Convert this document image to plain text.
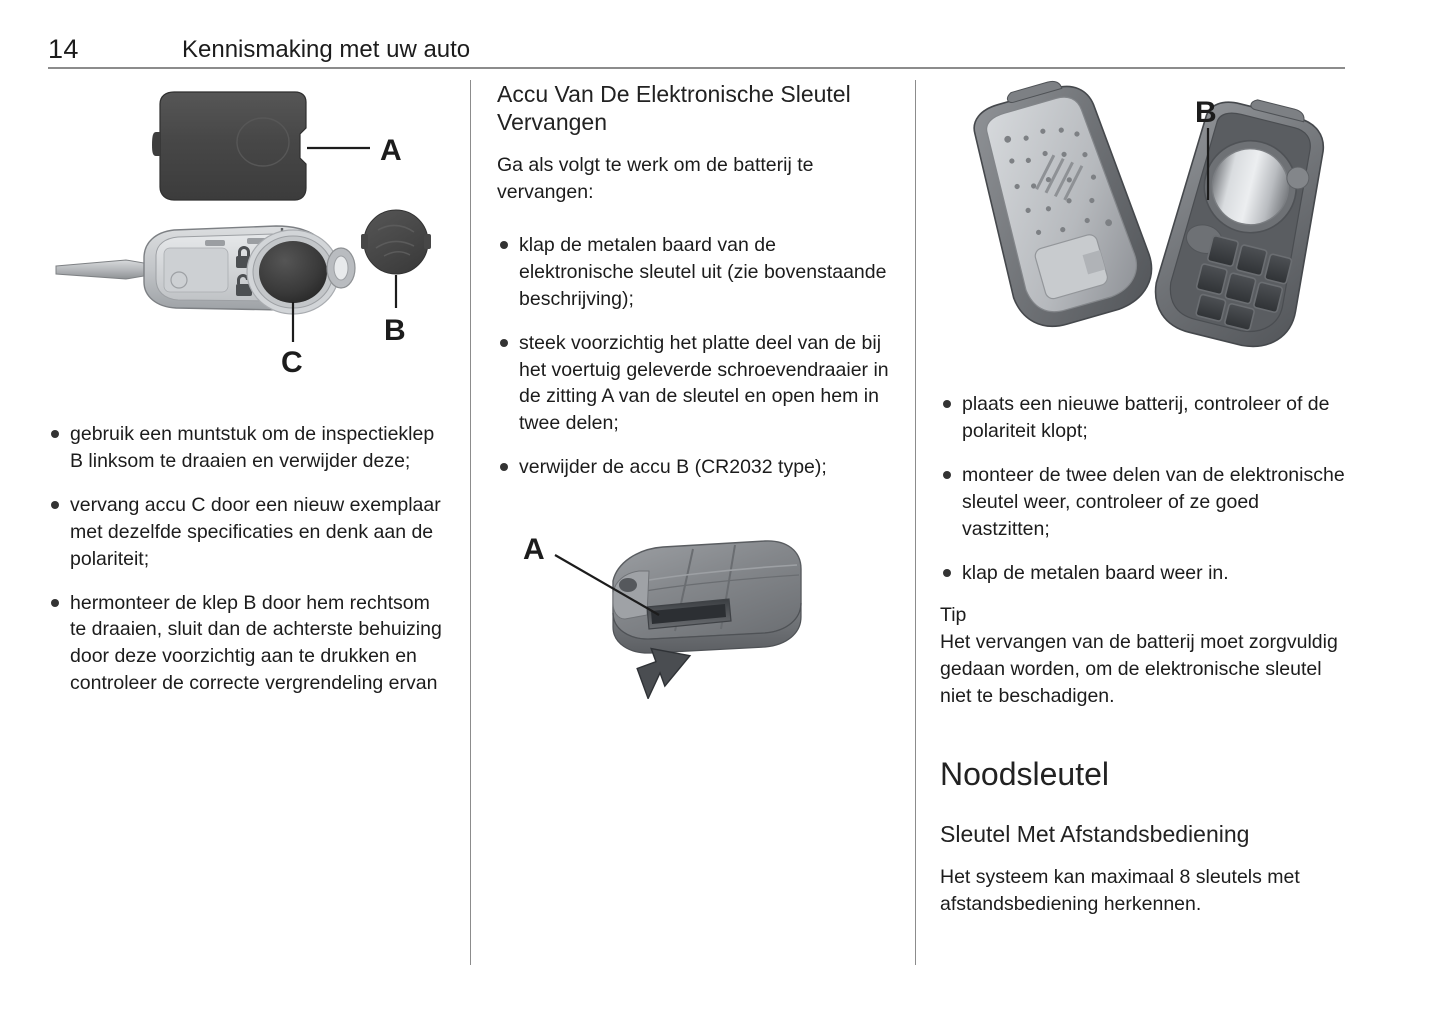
14	Kennismaking met uw auto
A
C
B
gebruik een muntstuk om de inspectieklep B linksom te draaien en verwijder deze;
vervang accu C door een nieuw exemplaar met dezelfde specificaties en denk aan de polariteit;
hermonteer de klep B door hem rechtsom te draaien, sluit dan de achterste behuizing door deze voorzichtig aan te drukken en controleer de correcte vergrendeling ervan
Accu Van De Elektronische Sleutel Vervangen

Ga als volgt te werk om de batterij te vervangen:

klap de metalen baard van de elektronische sleutel uit (zie bovenstaande beschrijving);
steek voorzichtig het platte deel van de bij het voertuig geleverde schroevendraaier in de zitting A van de sleutel en open hem in twee delen;
verwijder de accu B (CR2032 type);
A
B
plaats een nieuwe batterij, controleer of de polariteit klopt;
monteer de twee delen van de elektronische sleutel weer, controleer of ze goed vastzitten;
klap de metalen baard weer in.

Tip

Het vervangen van de batterij moet zorgvuldig gedaan worden, om de elektronische sleutel niet te beschadigen.

Noodsleutel
Sleutel Met Afstandsbediening

Het systeem kan maximaal 8 sleutels met afstandsbediening herkennen.
